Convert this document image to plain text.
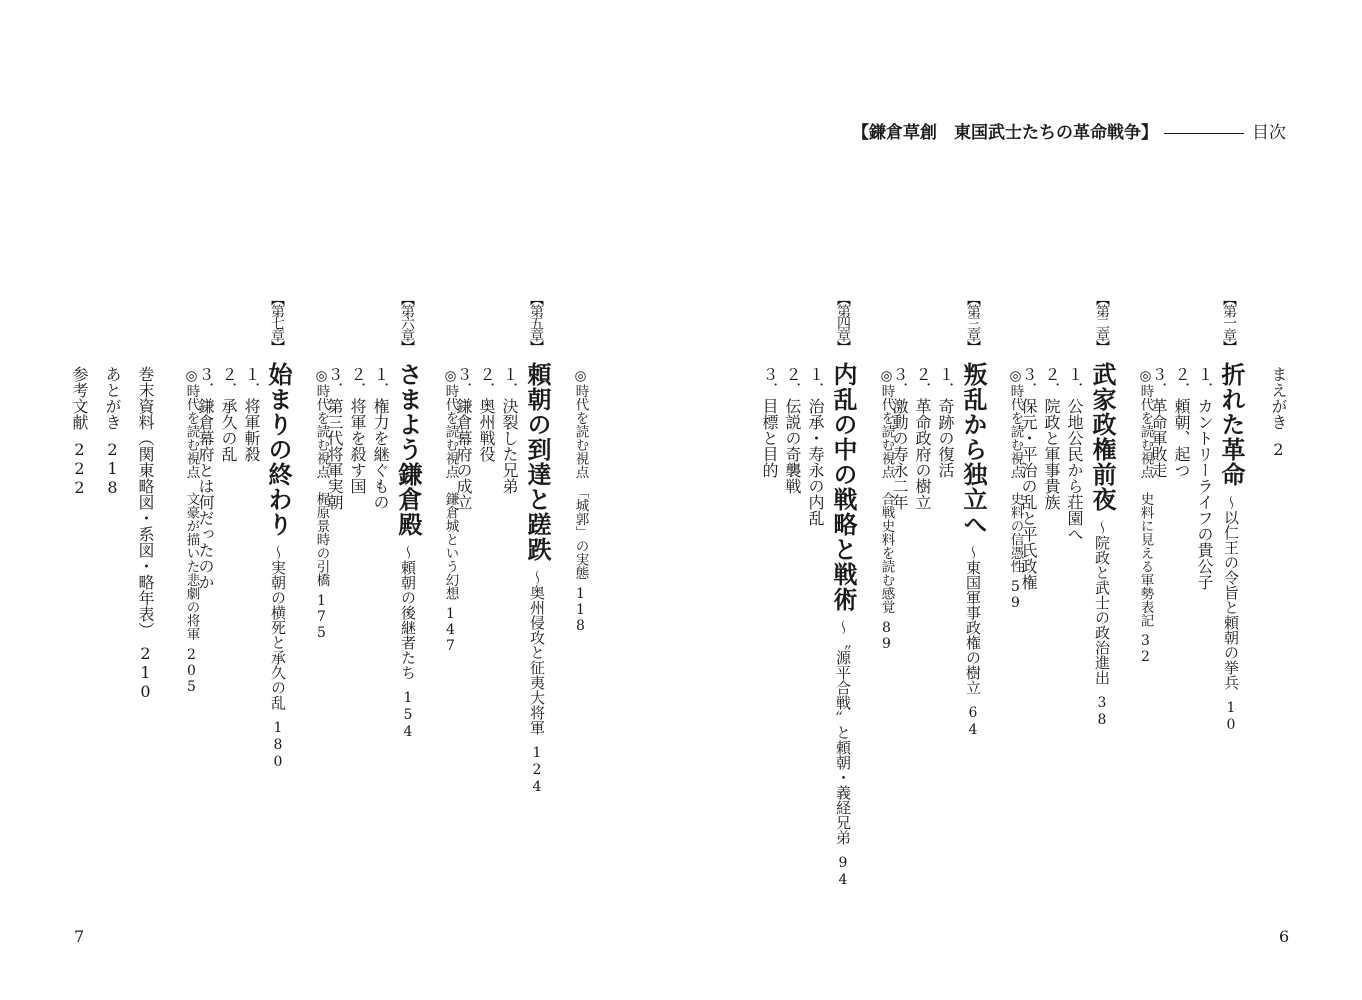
【鎌倉草創　東国武士たちの革命戦争】	目次
まえがき2
【第一章】
折れた革命〜以仁王の令旨と頼朝の挙兵10
１．カントリーライフの貴公子
２．頼朝、起つ
３．革命軍敗走
◎時代を読む視点　史料に見える軍勢表記32
【第二章】
武家政権前夜〜院政と武士の政治進出38
１．公地公民から荘園へ
２．院政と軍事貴族
３．保元・平治の乱と平氏政権
◎時代を読む視点　史料の信憑性59
【第三章】
叛乱から独立へ〜東国軍事政権の樹立64
１．奇跡の復活
２．革命政府の樹立
３．激動の寿永二年
◎時代を読む視点　合戦史料を読む感覚89
【第四章】
内乱の中の戦略と戦術〜〝源平合戦〟と頼朝・義経兄弟94
１．治承・寿永の内乱
２．伝説の奇襲戦
３．目標と目的
◎時代を読む視点　「城郭」の実態118
【第五章】
頼朝の到達と蹉跌〜奥州侵攻と征夷大将軍124
１．決裂した兄弟
２．奥州戦役
３．鎌倉幕府の成立
◎時代を読む視点　鎌倉城という幻想147
【第六章】
さまよう鎌倉殿〜頼朝の後継者たち154
１．権力を継ぐもの
２．将軍を殺す国
３．第三代将軍実朝
◎時代を読む視点　梶原景時の引橋175
【第七章】
始まりの終わり〜実朝の横死と承久の乱180
１．将軍斬殺
２．承久の乱
３．鎌倉幕府とは何だったのか
◎時代を読む視点　文豪が描いた悲劇の将軍205
巻末資料（関東略図・系図・略年表）210
あとがき218
参考文献222
7	6
